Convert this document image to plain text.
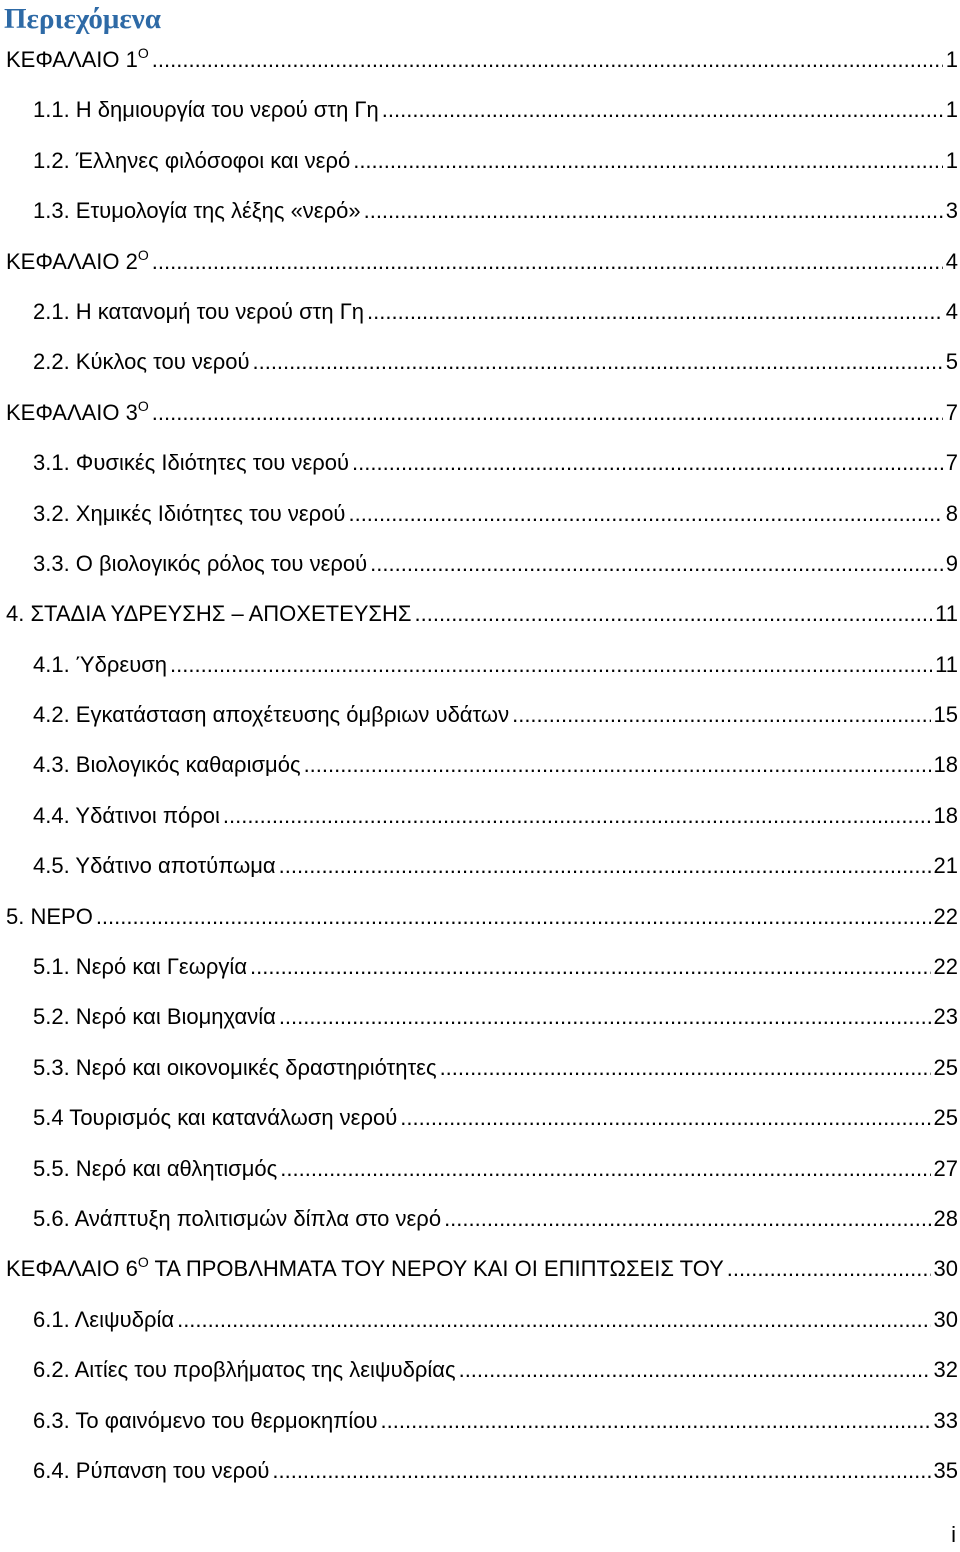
Περιεχόμενα
ΚΕΦΑΛΑΙΟ $1^O$ .....	1
1.1. Η δημιουργία του νερού στη Γη .....	1
1.2. Έλληνες φιλόσοφοι και νερό .....	1
1.3. Ετυμολογία της λέξης «νερό» .....	3
ΚΕΦΑΛΑΙΟ $2^O$ .....	4
2.1. Η κατανομή του νερού στη Γη .....	4
2.2. Κύκλος του νερού .....	5
ΚΕΦΑΛΑΙΟ $3^O$ .....	7
3.1. Φυσικές Ιδιότητες του νερού .....	7
3.2. Χημικές Ιδιότητες του νερού .....	8
3.3. Ο βιολογικός ρόλος του νερού .....	9
4. ΣΤΑΔΙΑ ΥΔΡΕΥΣΗΣ – ΑΠΟΧΕΤΕΥΣΗΣ .....	11
4.1. Ύδρευση .....	11
4.2. Εγκατάσταση αποχέτευσης όμβριων υδάτων .....	15
4.3. Βιολογικός καθαρισμός .....	18
4.4. Υδάτινοι πόροι .....	18
4.5. Υδάτινο αποτύπωμα .....	21
5. ΝΕΡΟ .....	22
5.1. Νερό και Γεωργία .....	22
5.2. Νερό και Βιομηχανία .....	23
5.3. Νερό και οικονομικές δραστηριότητες .....	25
5.4 Τουρισμός και κατανάλωση νερού .....	25
5.5. Νερό και αθλητισμός .....	27
5.6. Ανάπτυξη πολιτισμών δίπλα στο νερό .....	28
ΚΕΦΑΛΑΙΟ $6^O$ ΤΑ ΠΡΟΒΛΗΜΑΤΑ ΤΟΥ ΝΕΡΟΥ ΚΑΙ ΟΙ ΕΠΙΠΤΩΣΕΙΣ ΤΟΥ .....	30
6.1. Λειψυδρία .....	30
6.2. Αιτίες του προβλήματος της λειψυδρίας .....	32
6.3. Το φαινόμενο του θερμοκηπίου .....	33
6.4. Ρύπανση του νερού .....	35
i
